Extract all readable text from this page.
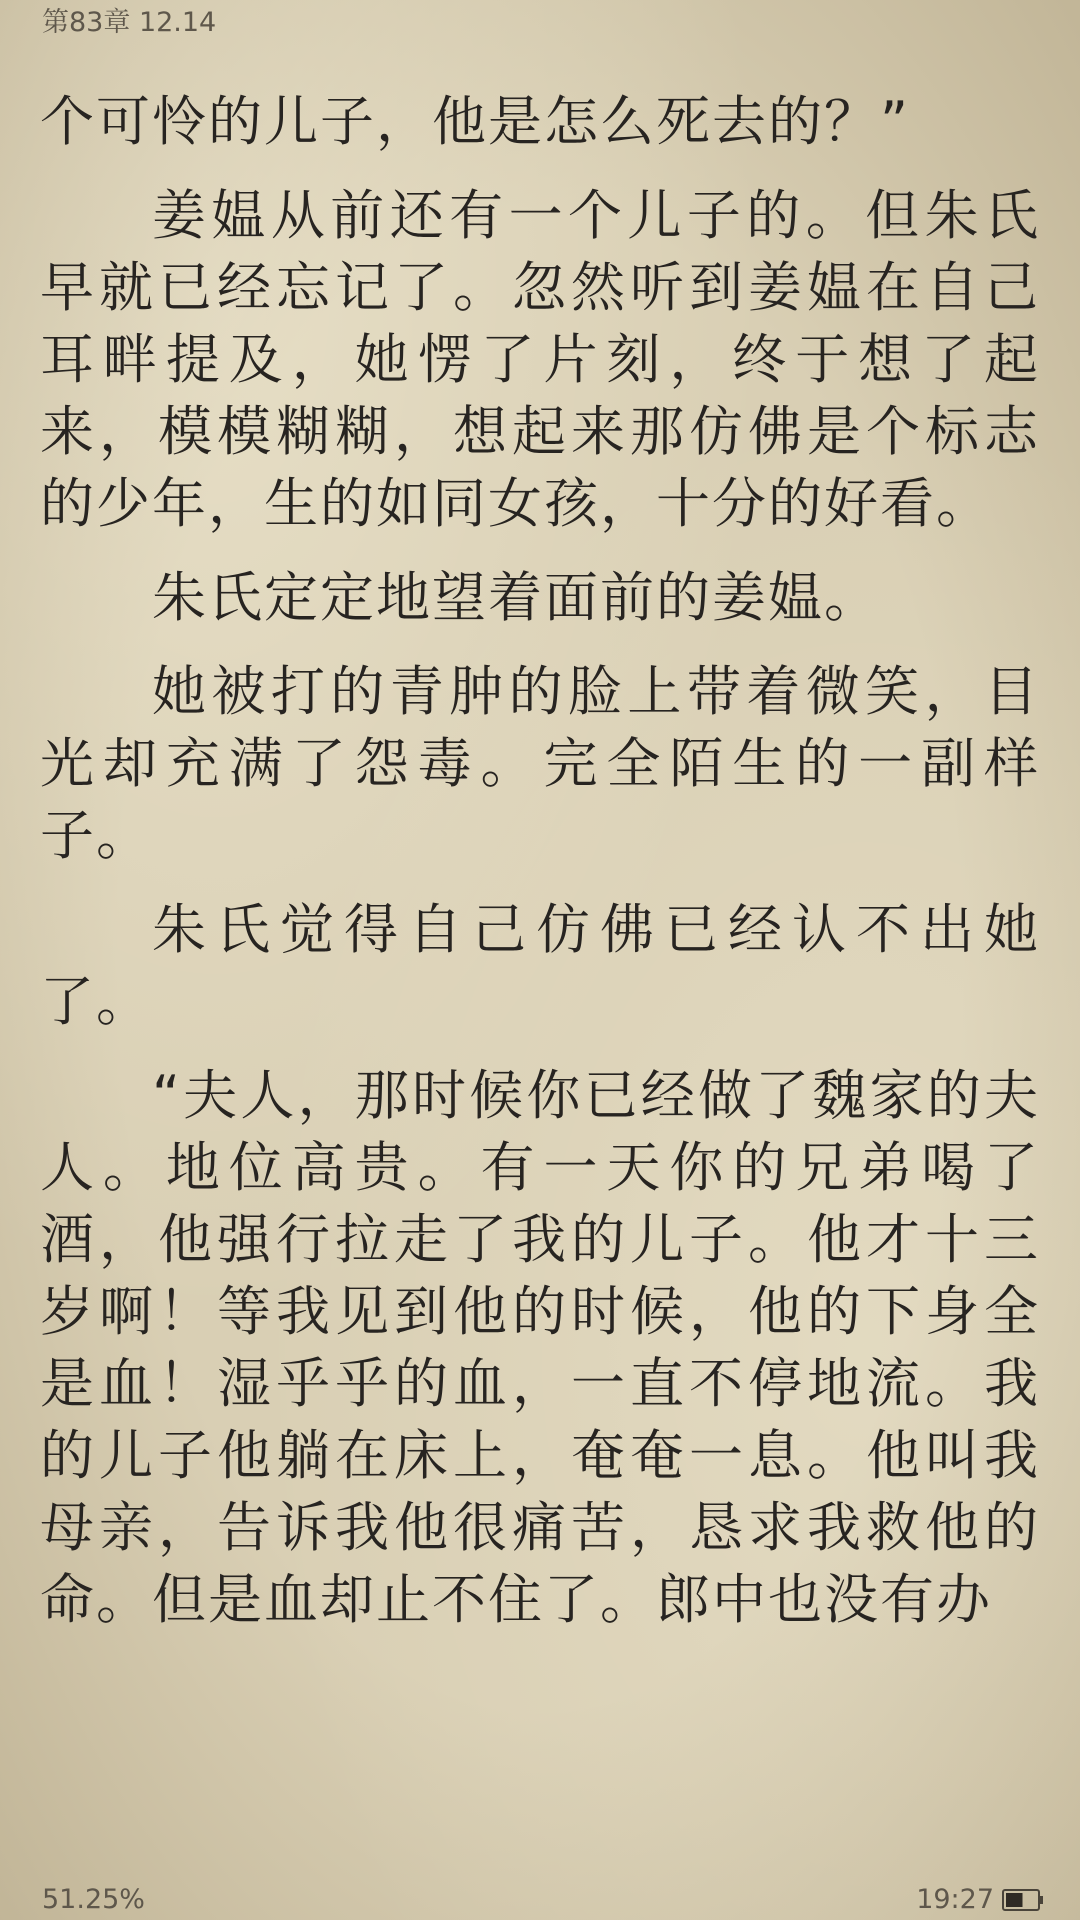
第83章 12.14

个可怜的儿子，他是怎么死去的？”

姜媪从前还有一个儿子的。但朱氏早就已经忘记了。忽然听到姜媪在自己耳畔提及，她愣了片刻，终于想了起来，模模糊糊，想起来那仿佛是个标志的少年，生的如同女孩，十分的好看。

朱氏定定地望着面前的姜媪。

她被打的青肿的脸上带着微笑，目光却充满了怨毒。完全陌生的一副样子。

朱氏觉得自己仿佛已经认不出她了。

“夫人，那时候你已经做了魏家的夫人。地位高贵。有一天你的兄弟喝了酒，他强行拉走了我的儿子。他才十三岁啊！等我见到他的时候，他的下身全是血！湿乎乎的血，一直不停地流。我的儿子他躺在床上，奄奄一息。他叫我母亲，告诉我他很痛苦，恳求我救他的命。但是血却止不住了。郎中也没有办

51.25%	19:27
